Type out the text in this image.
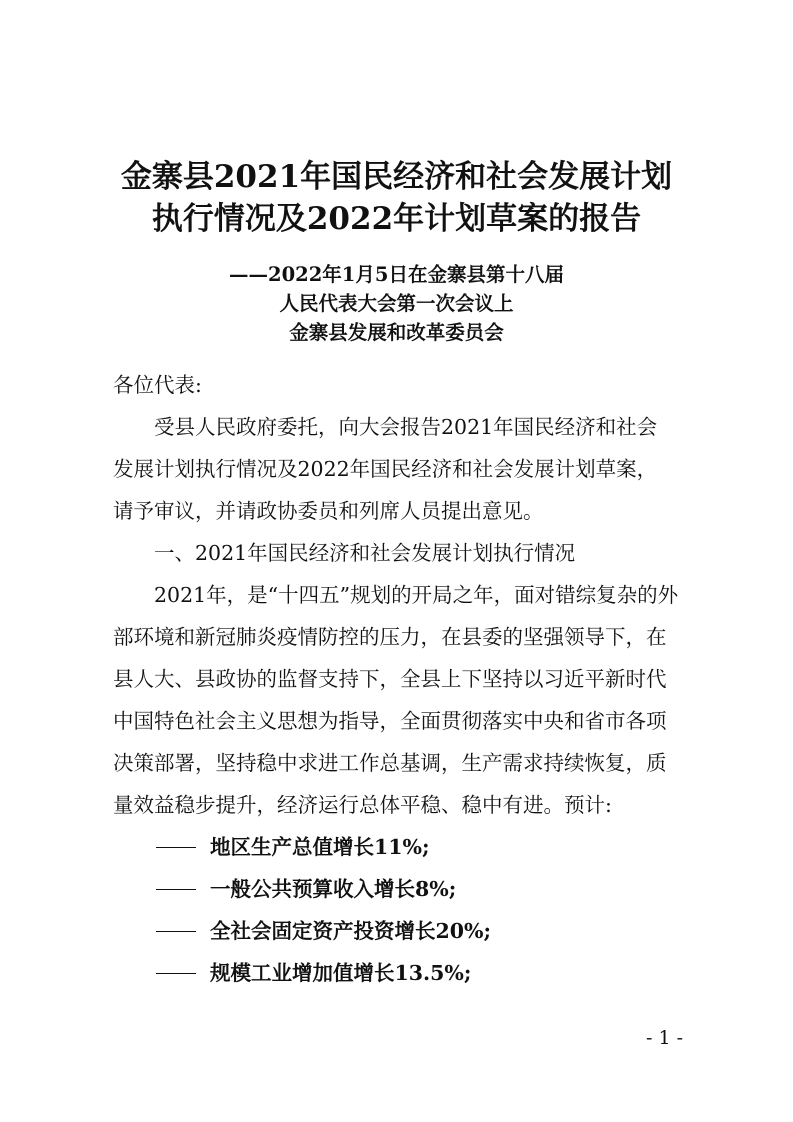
金寨县2021年国民经济和社会发展计划
执行情况及2022年计划草案的报告
——2022年1月5日在金寨县第十八届
人民代表大会第一次会议上
金寨县发展和改革委员会
各位代表:
受县人民政府委托，向大会报告2021年国民经济和社会
发展计划执行情况及2022年国民经济和社会发展计划草案，
请予审议，并请政协委员和列席人员提出意见。
一、2021年国民经济和社会发展计划执行情况
2021年，是“十四五”规划的开局之年，面对错综复杂的外
部环境和新冠肺炎疫情防控的压力，在县委的坚强领导下，在
县人大、县政协的监督支持下，全县上下坚持以习近平新时代
中国特色社会主义思想为指导，全面贯彻落实中央和省市各项
决策部署，坚持稳中求进工作总基调，生产需求持续恢复，质
量效益稳步提升，经济运行总体平稳、稳中有进。预计:
地区生产总值增长11%;
一般公共预算收入增长8%;
全社会固定资产投资增长20%;
规模工业增加值增长13.5%;
- 1 -
